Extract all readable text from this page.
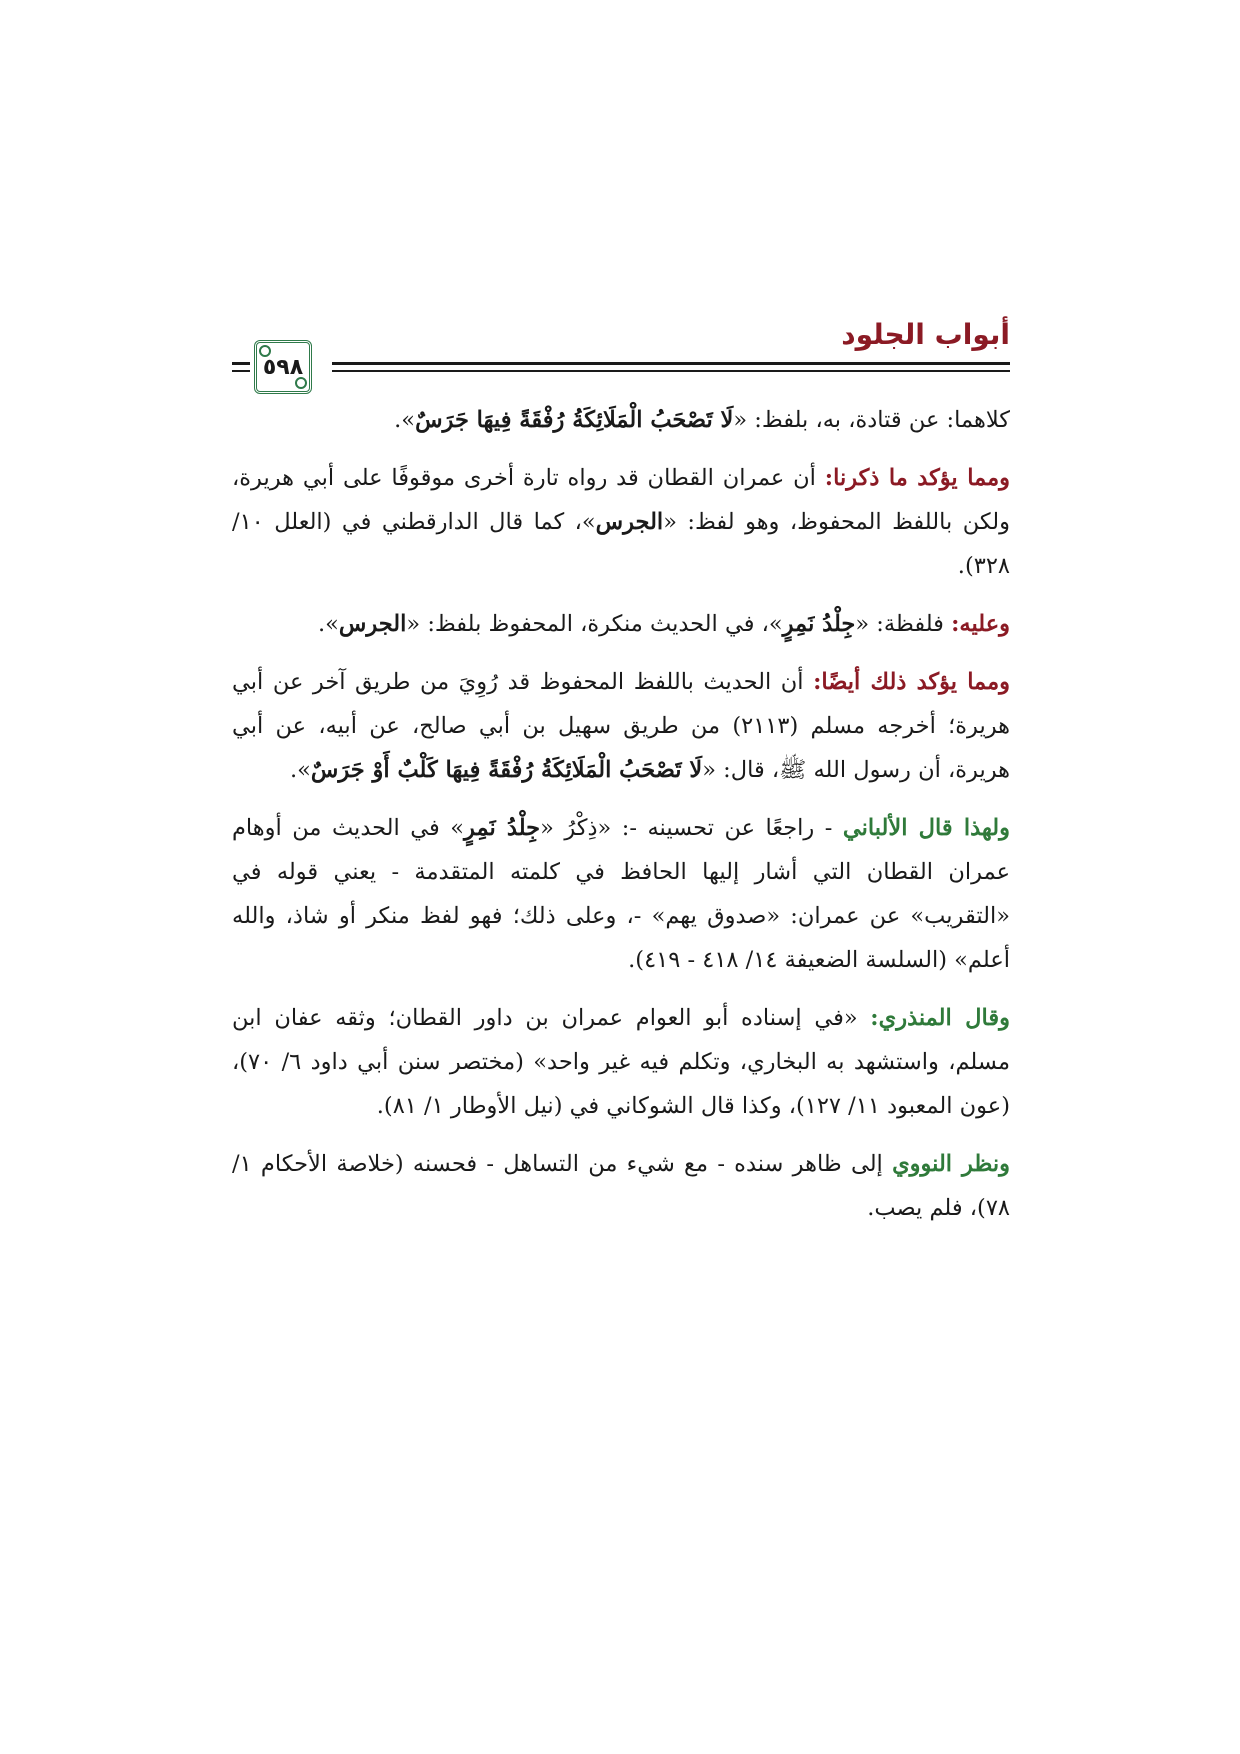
أبواب الجلود
٥٩٨

كلاهما: عن قتادة، به، بلفظ: «لَا تَصْحَبُ الْمَلَائِكَةُ رُفْقَةً فِيهَا جَرَسٌ».

ومما يؤكد ما ذكرنا: أن عمران القطان قد رواه تارة أخرى موقوفًا على أبي هريرة، ولكن باللفظ المحفوظ، وهو لفظ: «الجرس»، كما قال الدارقطني في (العلل ١٠/ ٣٢٨).

وعليه: فلفظة: «جِلْدُ نَمِرٍ»، في الحديث منكرة، المحفوظ بلفظ: «الجرس».

ومما يؤكد ذلك أيضًا: أن الحديث باللفظ المحفوظ قد رُوِيَ من طريق آخر عن أبي هريرة؛ أخرجه مسلم (٢١١٣) من طريق سهيل بن أبي صالح، عن أبيه، عن أبي هريرة، أن رسول الله ﷺ، قال: «لَا تَصْحَبُ الْمَلَائِكَةُ رُفْقَةً فِيهَا كَلْبٌ أَوْ جَرَسٌ».

ولهذا قال الألباني - راجعًا عن تحسينه -: «ذِكْرُ «جِلْدُ نَمِرٍ» في الحديث من أوهام عمران القطان التي أشار إليها الحافظ في كلمته المتقدمة - يعني قوله في «التقريب» عن عمران: «صدوق يهم» -، وعلى ذلك؛ فهو لفظ منكر أو شاذ، والله أعلم» (السلسة الضعيفة ١٤/ ٤١٨ - ٤١٩).

وقال المنذري: «في إسناده أبو العوام عمران بن داور القطان؛ وثقه عفان ابن مسلم، واستشهد به البخاري، وتكلم فيه غير واحد» (مختصر سنن أبي داود ٦/ ٧٠)، (عون المعبود ١١/ ١٢٧)، وكذا قال الشوكاني في (نيل الأوطار ١/ ٨١).

ونظر النووي إلى ظاهر سنده - مع شيء من التساهل - فحسنه (خلاصة الأحكام ١/ ٧٨)، فلم يصب.
